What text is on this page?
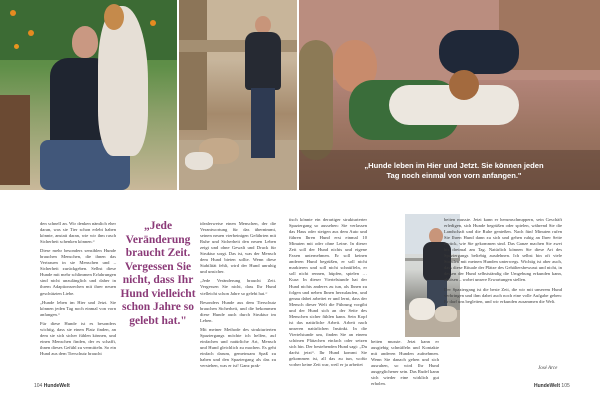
„Hunde leben im Hier und Jetzt. Sie können jeden
Tag noch einmal von vorn anfangen."

den schnell an. Wir denken nämlich eher daran, was sie Tier schon erlebt haben könnte, anstatt daran, wie wir ihm rasch Sicherheit schenken können.“

Diese mehr besonders sensiblen Hunde brauchen Menschen, die ihnen das Vertrauen in sie Menschen und – Sicherheit zurückgeben. Selbst diese Hunde mit mehr schlimmen Erfahrungen sind nicht unzulänglich und daher in ihrem Adaptionsrechen mit ihrer neuen geschützten Liebe.

„Hunde leben im Hier und Jetzt. Sie können jeden Tag noch einmal von vorn anfangen.“

Für diese Hunde ist es besonders wichtig, dass sie einen Platz finden, an dem sie sich sicher fühlen können, und einen Menschen finden, der es schafft, ihnen dieses Gefühl zu vermitteln. So ein Hund aus dem Tierschutz braucht

„Jede Veränderung braucht Zeit. Vergessen Sie nicht, dass Ihr Hund vielleicht schon Jahre so gelebt hat."

idealerweise einen Menschen, der die Verantwortung für das übernimmt, seinen neuen vierbeinigen Gefährten mit Ruhe und Sicherheit den neuen Leben zeigt und ohne Gewalt und Druck für Struktur sorgt. Das ist, was der Mensch dem Hund bieten sollte. Wenn diese Stabilität fehlt, wird der Hund unruhig und unsicher.

„Jede Veränderung braucht Zeit. Vergessen Sie nicht, dass Ihr Hund vielleicht schon Jahre so gelebt hat.“

Besonders Hunde aus dem Tierschutz brauchen Sicherheit, und die bekommen diese Hunde auch durch Struktur im Leben.

Mit meiner Methode des strukturierten Spaziergangs möchte ich helfen, auf einfachen und natürliche Art, Mensch und Hund gleichlich zu machen. Es geht einfach darum, gemeinsam Spaß zu haben und den Spaziergang als das zu verstehen, was er ist! Ganz prak-

tisch könnte ein derartiger strukturierter Spaziergang so aussehen: Sie verlassen das Haus oder steigen aus dem Auto und führen Ihren Hund erst einmal 10 Minuten mit oder ohne Leine. In dieser Zeit soll der Hund nichts und eigene Faxen unternehmen. Er soll keinen anderen Hund begrüßen, er soll nicht markieren und soll nicht schnüffeln, er soll nicht rennen, hüpfen, spielen … Kurz: In dieser Viertelstunde hat der Hund nichts anderes zu tun, als Ihnen zu folgen und neben Ihnen herzulaufen, und genau dabei arbeitet er und lernt, dass der Mensch dieser Welt die Führung vorgibt und der Hund sich an der Seite des Menschen sicher fühlen kann. Sein Kopf ist das natürliche Arbeit. Arbeit nach unseren natürlichen Instinkt. In die Viertelstunde um, finden Sie an einem schönen Plätzchen einfach oder setzen sich hin. Der bestehenden Hund sagt: „Du darfst jetzt“. Ihr Hund kommt Sie gekommen ist, all das zu tun, wofür vorher keine Zeit war, weil er ja arbeitet

beiten musste. Jetzt kann er ausgiebig schnüffeln und Kontakte mit anderen Hunden aufnehmen. Wenn Sie danach gehen und sich ausruhen, so wird Ihr Hund ausgeglichener sein. Das Rudel kann sich wieder eine wirklich gut erholen.

beiten musste. Jetzt kann er herumschnuppern, sein Geschäft erledigen, sich Hunde begrüßen oder spielen, während Sie die Landschaft und die Ruhe genießen. Nach fünf Minuten rufen Sie Ihren Hund dann zu sich und gehen ruhig an Ihrer Seite zurück, wie Sie gekommen sind. Das Ganze machen Sie zwei bis dreimal am Tag. Natürlich können Sie diese Art des Spaziergangs beliebig ausdehnen. Ich selbst bin oft viele Stunden mit meinen Hunden unterwegs. Wichtig ist aber auch, dass diese Rituale der Plätze des Gehältersbewusst und nicht, in dessen der Hund selbstständig die Umgebung erkunden kann, ablösen – wobei unsere Erwartungen stellen.

Der Spaziergang ist die beste Zeit, die wir mit unserem Hund verbringen und ihm dabei auch noch eine volle Aufgabe geben: Er darf uns begleiten, und wir erkunden zusammen die Welt.

José Arce
104 HundeWelt	HundeWelt 105
